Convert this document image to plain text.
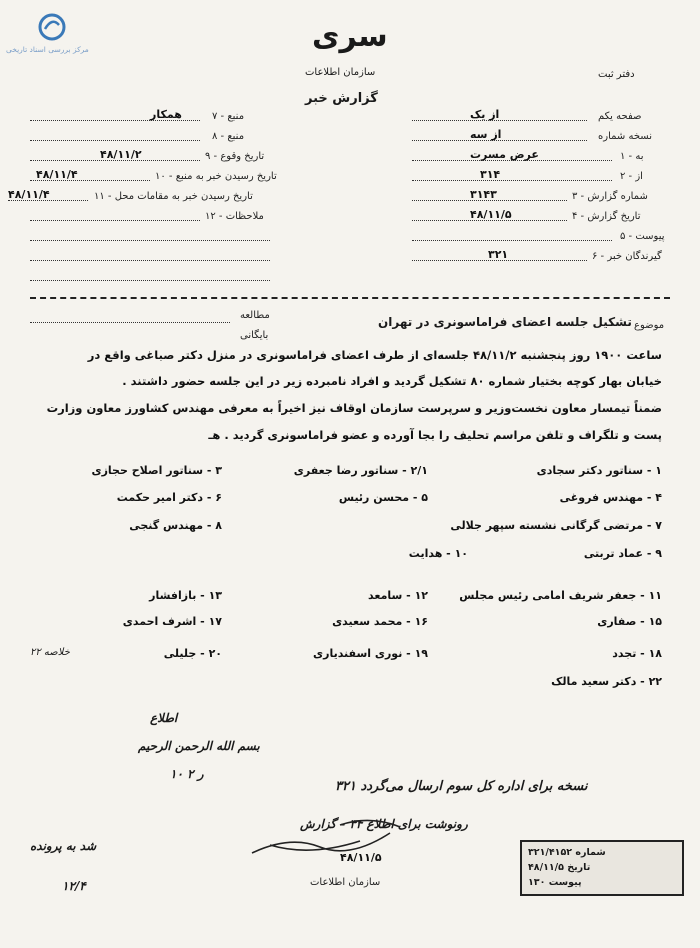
مرکز بررسی اسناد تاریخی	سری
سازمان اطلاعات
گزارش خبر
دفتر ثبت
همکار	۷ - منبع
۸ - منبع
۴۸/۱۱/۲	۹ - تاریخ وقوع
۴۸/۱۱/۴	۱۰ - تاریخ رسیدن خبر به منبع
۴۸/۱۱/۴	۱۱ - تاریخ رسیدن خبر به مقامات محل
۱۲ - ملاحظات
صفحه یکم
از یک
نسخه شماره
از سه
۱ - به
عرض مسرت
۲ - از
۳۱۴
۳ - شماره گزارش
۳۱۴۳
۴ - تاریخ گزارش
۴۸/۱۱/۵
۵ - پیوست
۶ - گیرندگان خبر
۳۲۱
موضوع
تشکیل جلسه اعضای فراماسونری در تهران
مطالعه
بایگانی
ساعت ۱۹۰۰ روز پنجشنبه ۴۸/۱۱/۲ جلسه‌ای از طرف اعضای فراماسونری در منزل دکتر صباغی واقع در
خیابان بهار کوچه بختیار شماره ۸۰ تشکیل گردید و افراد نامبرده زیر در این جلسه حضور داشتند .
ضمناً تیمسار معاون نخست‌وزیر و سرپرست سازمان اوقاف نیز اخیراً به معرفی مهندس کشاورز معاون وزارت
پست و تلگراف و تلفن مراسم تحلیف را بجا آورده و عضو فراماسونری گردید . هـ
۱ - سناتور دکتر سجادی
۲/۱ - سناتور رضا جعفری
۳ - سناتور اصلاح حجازی
۴ - مهندس فروغی
۵ - محسن رئیس
۶ - دکتر امیر حکمت
۷ - مرتضی گرگانی نشسته سپهر جلالی
۸ - مهندس گنجی
۹ - عماد تربتی
۱۰ - هدایت
۱۱ - جعفر شریف امامی رئیس مجلس
۱۲ - سامعد
۱۳ - بازافشار
۱۵ - صفاری
۱۶ - محمد سعیدی
۱۷ - اشرف احمدی
۱۸ - تجدد
۱۹ - نوری اسفندیاری
۲۰ - جلیلی
۲۲ - دکتر سعید مالک
خلاصه ۲۲
اطلاع
بسم الله الرحمن الرحیم
۱۰ ر ۲
نسخه برای اداره کل سوم ارسال می‌گردد ۳۲۱
رونوشت برای اطلاع ۳۴ - گزارش
۴۸/۱۱/۵
سازمان اطلاعات
شد به پرونده
۱۲/۴
شماره ۳۲۱/۴۱۵۲
تاریخ ۴۸/۱۱/۵
پیوست ۱۳۰
